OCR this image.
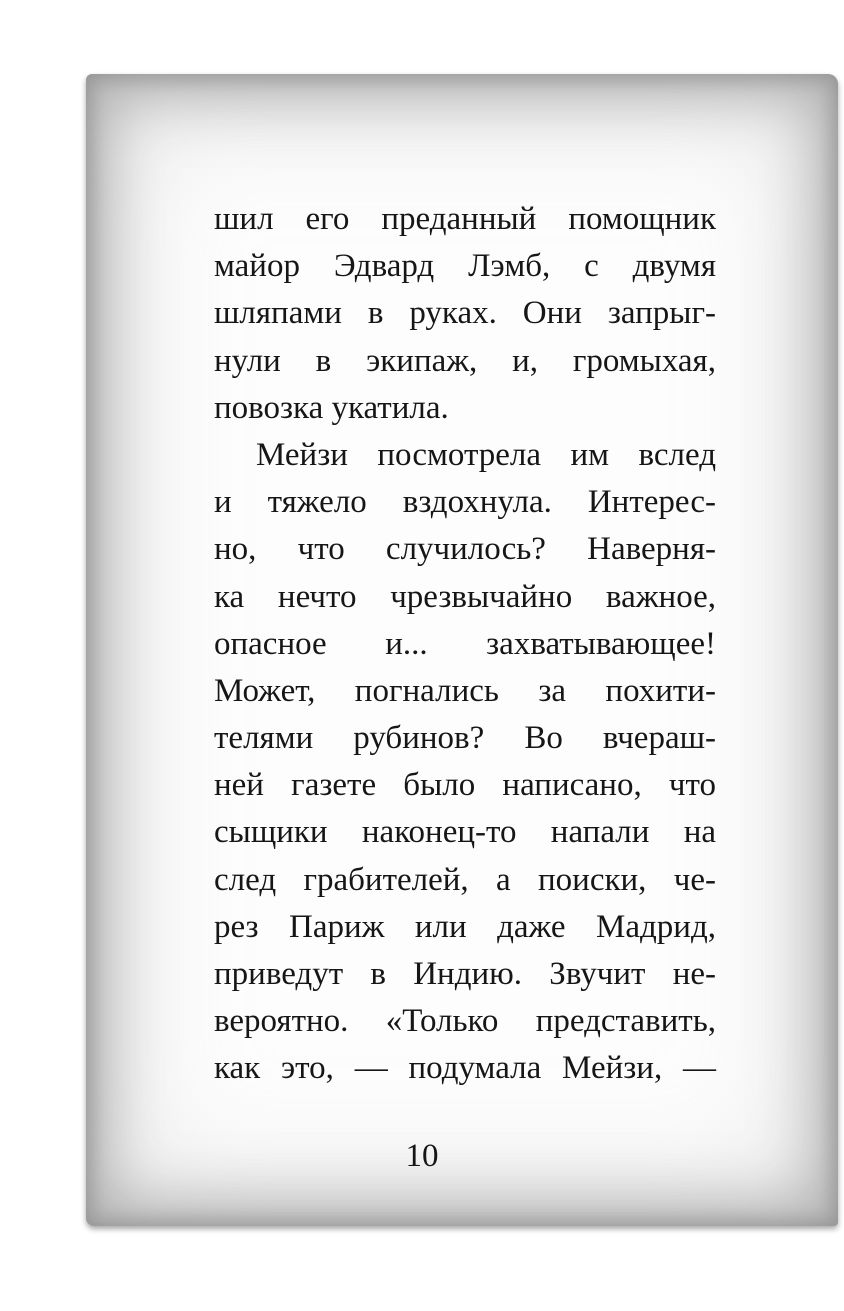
шил его преданный помощник
майор Эдвард Лэмб, с двумя
шляпами в руках. Они запрыг-
нули в экипаж, и, громыхая,
повозка укатила.
Мейзи посмотрела им вслед
и тяжело вздохнула. Интерес-
но, что случилось? Наверня-
ка нечто чрезвычайно важное,
опасное и... захватывающее!
Может, погнались за похити-
телями рубинов? Во вчераш-
ней газете было написано, что
сыщики наконец-то напали на
след грабителей, а поиски, че-
рез Париж или даже Мадрид,
приведут в Индию. Звучит не-
вероятно. «Только представить,
как это, — подумала Мейзи, —
10
